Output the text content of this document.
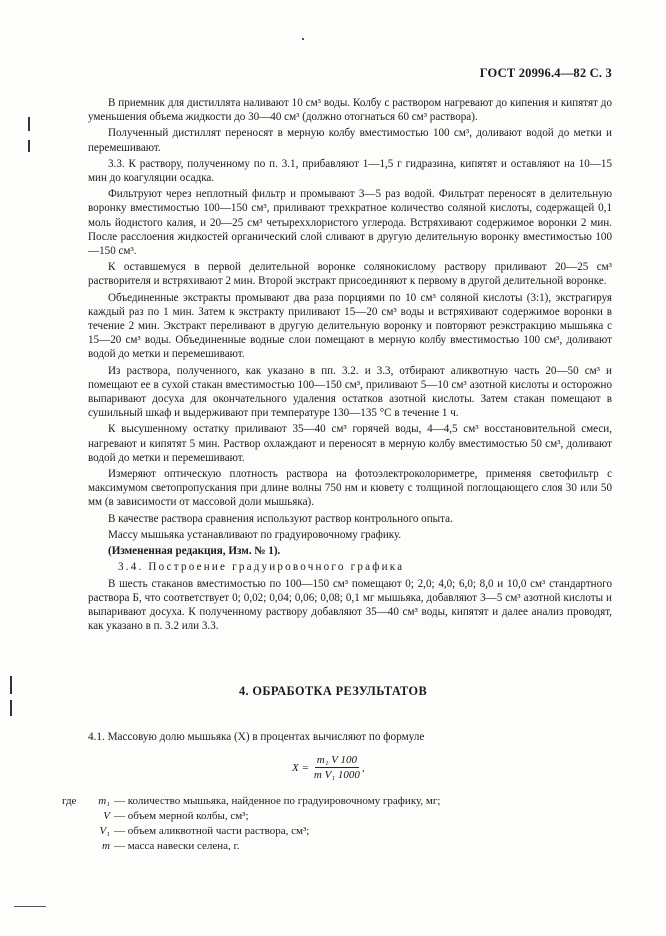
ГОСТ 20996.4—82 С. 3

В приемник для дистиллята наливают 10 см³ воды. Колбу с раствором нагревают до кипения и кипятят до уменьшения объема жидкости до 30—40 см³ (должно отогнаться 60 см³ раствора).

Полученный дистиллят переносят в мерную колбу вместимостью 100 см³, доливают водой до метки и перемешивают.

3.3. К раствору, полученному по п. 3.1, прибавляют 1—1,5 г гидразина, кипятят и оставляют на 10—15 мин до коагуляции осадка.

Фильтруют через неплотный фильтр и промывают 3—5 раз водой. Фильтрат переносят в делительную воронку вместимостью 100—150 см³, приливают трехкратное количество соляной кислоты, содержащей 0,1 моль йодистого калия, и 20—25 см³ четыреххлористого углерода. Встряхивают содержимое воронки 2 мин. После расслоения жидкостей органический слой сливают в другую делительную воронку вместимостью 100—150 см³.

К оставшемуся в первой делительной воронке солянокислому раствору приливают 20—25 см³ растворителя и встряхивают 2 мин. Второй экстракт присоединяют к первому в другой делительной воронке.

Объединенные экстракты промывают два раза порциями по 10 см³ соляной кислоты (3:1), экстрагируя каждый раз по 1 мин. Затем к экстракту приливают 15—20 см³ воды и встряхивают содержимое воронки в течение 2 мин. Экстракт переливают в другую делительную воронку и повторяют реэкстракцию мышьяка с 15—20 см³ воды. Объединенные водные слои помещают в мерную колбу вместимостью 100 см³, доливают водой до метки и перемешивают.

Из раствора, полученного, как указано в пп. 3.2. и 3.3, отбирают аликвотную часть 20—50 см³ и помещают ее в сухой стакан вместимостью 100—150 см³, приливают 5—10 см³ азотной кислоты и осторожно выпаривают досуха для окончательного удаления остатков азотной кислоты. Затем стакан помещают в сушильный шкаф и выдерживают при температуре 130—135 °С в течение 1 ч.

К высушенному остатку приливают 35—40 см³ горячей воды, 4—4,5 см³ восстановительной смеси, нагревают и кипятят 5 мин. Раствор охлаждают и переносят в мерную колбу вместимостью 50 см³, доливают водой до метки и перемешивают.

Измеряют оптическую плотность раствора на фотоэлектроколориметре, применяя светофильтр с максимумом светопропускания при длине волны 750 нм и кювету с толщиной поглощающего слоя 30 или 50 мм (в зависимости от массовой доли мышьяка).

В качестве раствора сравнения используют раствор контрольного опыта.

Массу мышьяка устанавливают по градуировочному графику.

(Измененная редакция, Изм. № 1).

3.4. Построение градуировочного графика

В шесть стаканов вместимостью по 100—150 см³ помещают 0; 2,0; 4,0; 6,0; 8,0 и 10,0 см³ стандартного раствора Б, что соответствует 0; 0,02; 0,04; 0,06; 0,08; 0,1 мг мышьяка, добавляют 3—5 см³ азотной кислоты и выпаривают досуха. К полученному раствору добавляют 35—40 см³ воды, кипятят и далее анализ проводят, как указано в п. 3.2 или 3.3.

4. ОБРАБОТКА РЕЗУЛЬТАТОВ
4.1. Массовую долю мышьяка (X) в процентах вычисляют по формуле
$X = \frac{\text{m₁ V 100}}{\text{m V₁ 1000}}$ ,
где m₁ — количество мышьяка, найденное по градуировочному графику, мг;
V — объем мерной колбы, см³;
V₁ — объем аликвотной части раствора, см³;
m — масса навески селена, г.
